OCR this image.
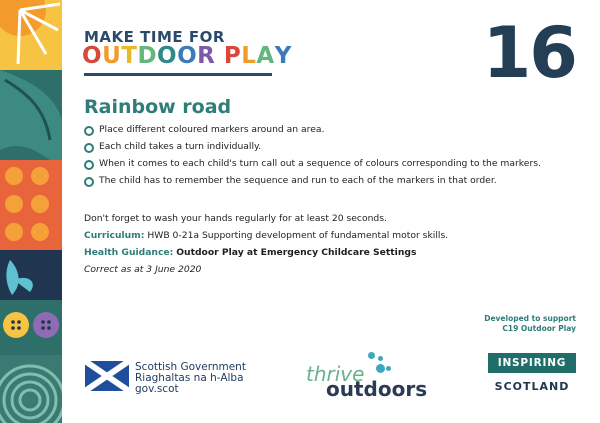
MAKE TIME FOR
OUTDOOR PLAY	16
Rainbow road
Place different coloured markers around an area.
Each child takes a turn individually.
When it comes to each child's turn call out a sequence of colours corresponding to the markers.
The child has to remember the sequence and run to each of the markers in that order.
Don't forget to wash your hands regularly for at least 20 seconds.
Curriculum: HWB 0-21a Supporting development of fundamental motor skills.
Health Guidance: Outdoor Play at Emergency Childcare Settings
Correct as at 3 June 2020
Developed to support
C19 Outdoor Play
Scottish Government
Riaghaltas na h-Alba
gov.scot
thrive
outdoors
INSPIRING
SCOTLAND
